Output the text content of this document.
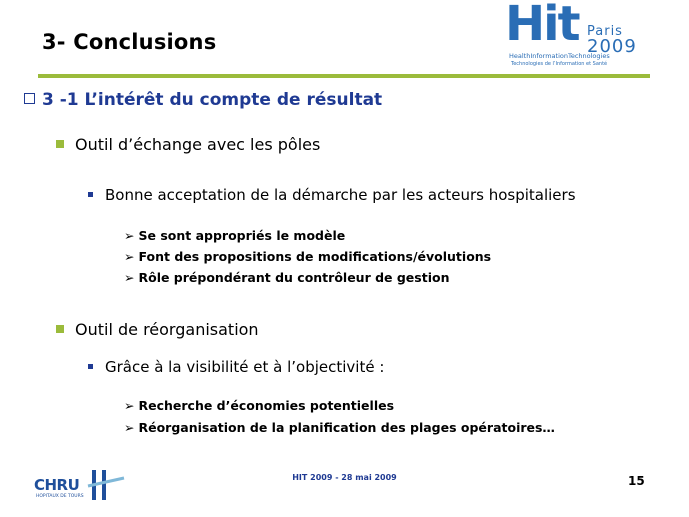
3- Conclusions	Hit Paris
2009
HealthInformationTechnologies
Technologies de l’Information et Santé
3 -1 L’intérêt du compte de résultat
Outil d’échange avec les pôles
Bonne acceptation de la démarche par les acteurs hospitaliers
➢ Se sont appropriés le modèle
➢ Font des propositions de modifications/évolutions
➢ Rôle prépondérant du contrôleur de gestion
Outil de réorganisation
Grâce à la visibilité et à l’objectivité :
➢ Recherche d’économies potentielles
➢ Réorganisation de la planification des plages opératoires…
CHRU
HOPITAUX DE TOURS
HIT 2009 - 28 mai 2009	15
